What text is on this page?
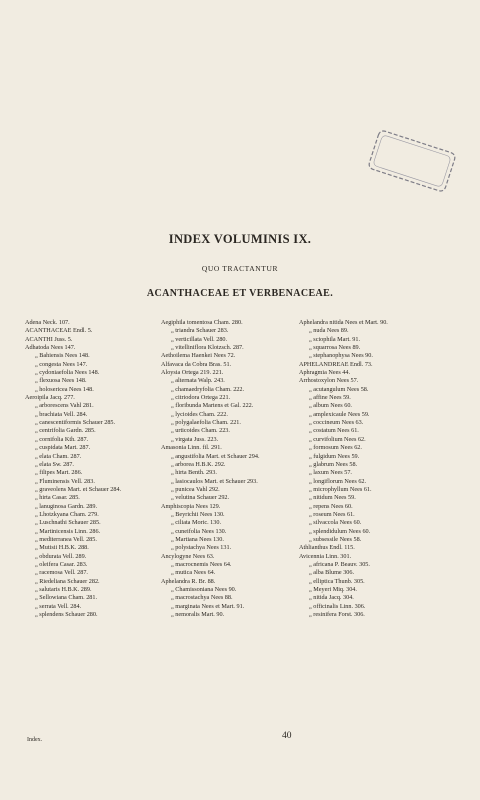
INDEX VOLUMINIS IX.
QUO TRACTANTUR
ACANTHACEAE ET VERBENACEAE.
Adenа Neck. 107.
ACANTHACEAE Endl. 5.
ACANTHI Juss. 5.
Adhatoda Nees 147.
„ Bahiensis Nees 148.
„ congesta Nees 147.
„ cydoniaefolia Nees 148.
„ flexuosa Nees 148.
„ holosericea Nees 148.
Aeroipila Jacq. 277.
„ arborescens Vahl 281.
„ brachiata Vell. 284.
„ canescentiformis Schauer 285.
„ centrifolia Gardn. 285.
„ cornifolia Kth. 287.
„ cuspidata Mart. 287.
„ elata Cham. 287.
„ elata Sw. 287.
„ filipes Mart. 286.
„ Fluminensis Vell. 283.
„ graveolens Mart. et Schauer 284.
„ hirta Casar. 285.
„ lanuginosa Gardn. 289.
„ Lhotzkyana Cham. 279.
„ Luschnathi Schauer 285.
„ Martinicensis Linn. 286.
„ mediterranea Vell. 285.
„ Mutisii H.B.K. 288.
„ obdurata Vell. 289.
„ oleifera Casar. 283.
„ racemosa Vell. 287.
„ Riedeliana Schauer 282.
„ salutaris H.B.K. 289.
„ Sellowiana Cham. 281.
„ serrata Vell. 284.
„ splendens Schauer 280.
Aegiphila tomentosa Cham. 280.
„ triandra Schauer 283.
„ verticillata Vell. 280.
„ vitelliniflora Klotzsch. 287.
Aethoilema Haenkei Nees 72.
Alfavaca da Cobra Bras. 51.
Aloysia Ortega 219. 221.
„ alternata Walp. 243.
„ chamaedryfolia Cham. 222.
„ citriodora Ortega 221.
„ floribunda Martens et Gal. 222.
„ lycioides Cham. 222.
„ polygalaefolia Cham. 221.
„ urticoides Cham. 223.
„ virgata Juss. 223.
Amasonia Linn. fil. 291.
„ angustifolia Mart. et Schauer 294.
„ arborea H.B.K. 292.
„ hirta Benth. 293.
„ lasiocaulos Mart. et Schauer 293.
„ punicea Vahl 292.
„ velutina Schauer 292.
Amphiscopia Nees 129.
„ Beyrichii Nees 130.
„ ciliata Moric. 130.
„ cuneifolia Nees 130.
„ Martiana Nees 130.
„ polystachya Nees 131.
Ancylogyne Nees 63.
„ macrocnemis Nees 64.
„ mutica Nees 64.
Aphelandra R. Br. 88.
„ Chamissoniana Nees 90.
„ macrostachya Nees 88.
„ marginata Nees et Mart. 91.
„ nemoralis Mart. 90.
Aphelandra nitida Nees et Mart. 90.
„ nuda Nees 89.
„ sciophila Mart. 91.
„ squarrosa Nees 89.
„ stephanophysa Nees 90.
APHELANDREAE Endl. 73.
Aphragmia Nees 44.
Arrhostoxylon Nees 57.
„ acutangulum Nees 58.
„ affine Nees 59.
„ album Nees 60.
„ amplexicaule Nees 59.
„ coccineum Nees 63.
„ costatum Nees 61.
„ curvifolium Nees 62.
„ formosum Nees 62.
„ fulgidum Nees 59.
„ glabrum Nees 58.
„ laxum Nees 57.
„ longiflorum Nees 62.
„ microphyllum Nees 61.
„ nitidum Nees 59.
„ repens Nees 60.
„ roseum Nees 61.
„ silvaccola Nees 60.
„ splendidulum Nees 60.
„ subsessile Nees 58.
Athlianthus Endl. 115.
Avicennia Linn. 301.
„ africana P. Beauv. 305.
„ alba Blume 306.
„ elliptica Thunb. 305.
„ Meyeri Miq. 304.
„ nitida Jacq. 304.
„ officinalis Linn. 306.
„ resinifera Forst. 306.
Index.	40
